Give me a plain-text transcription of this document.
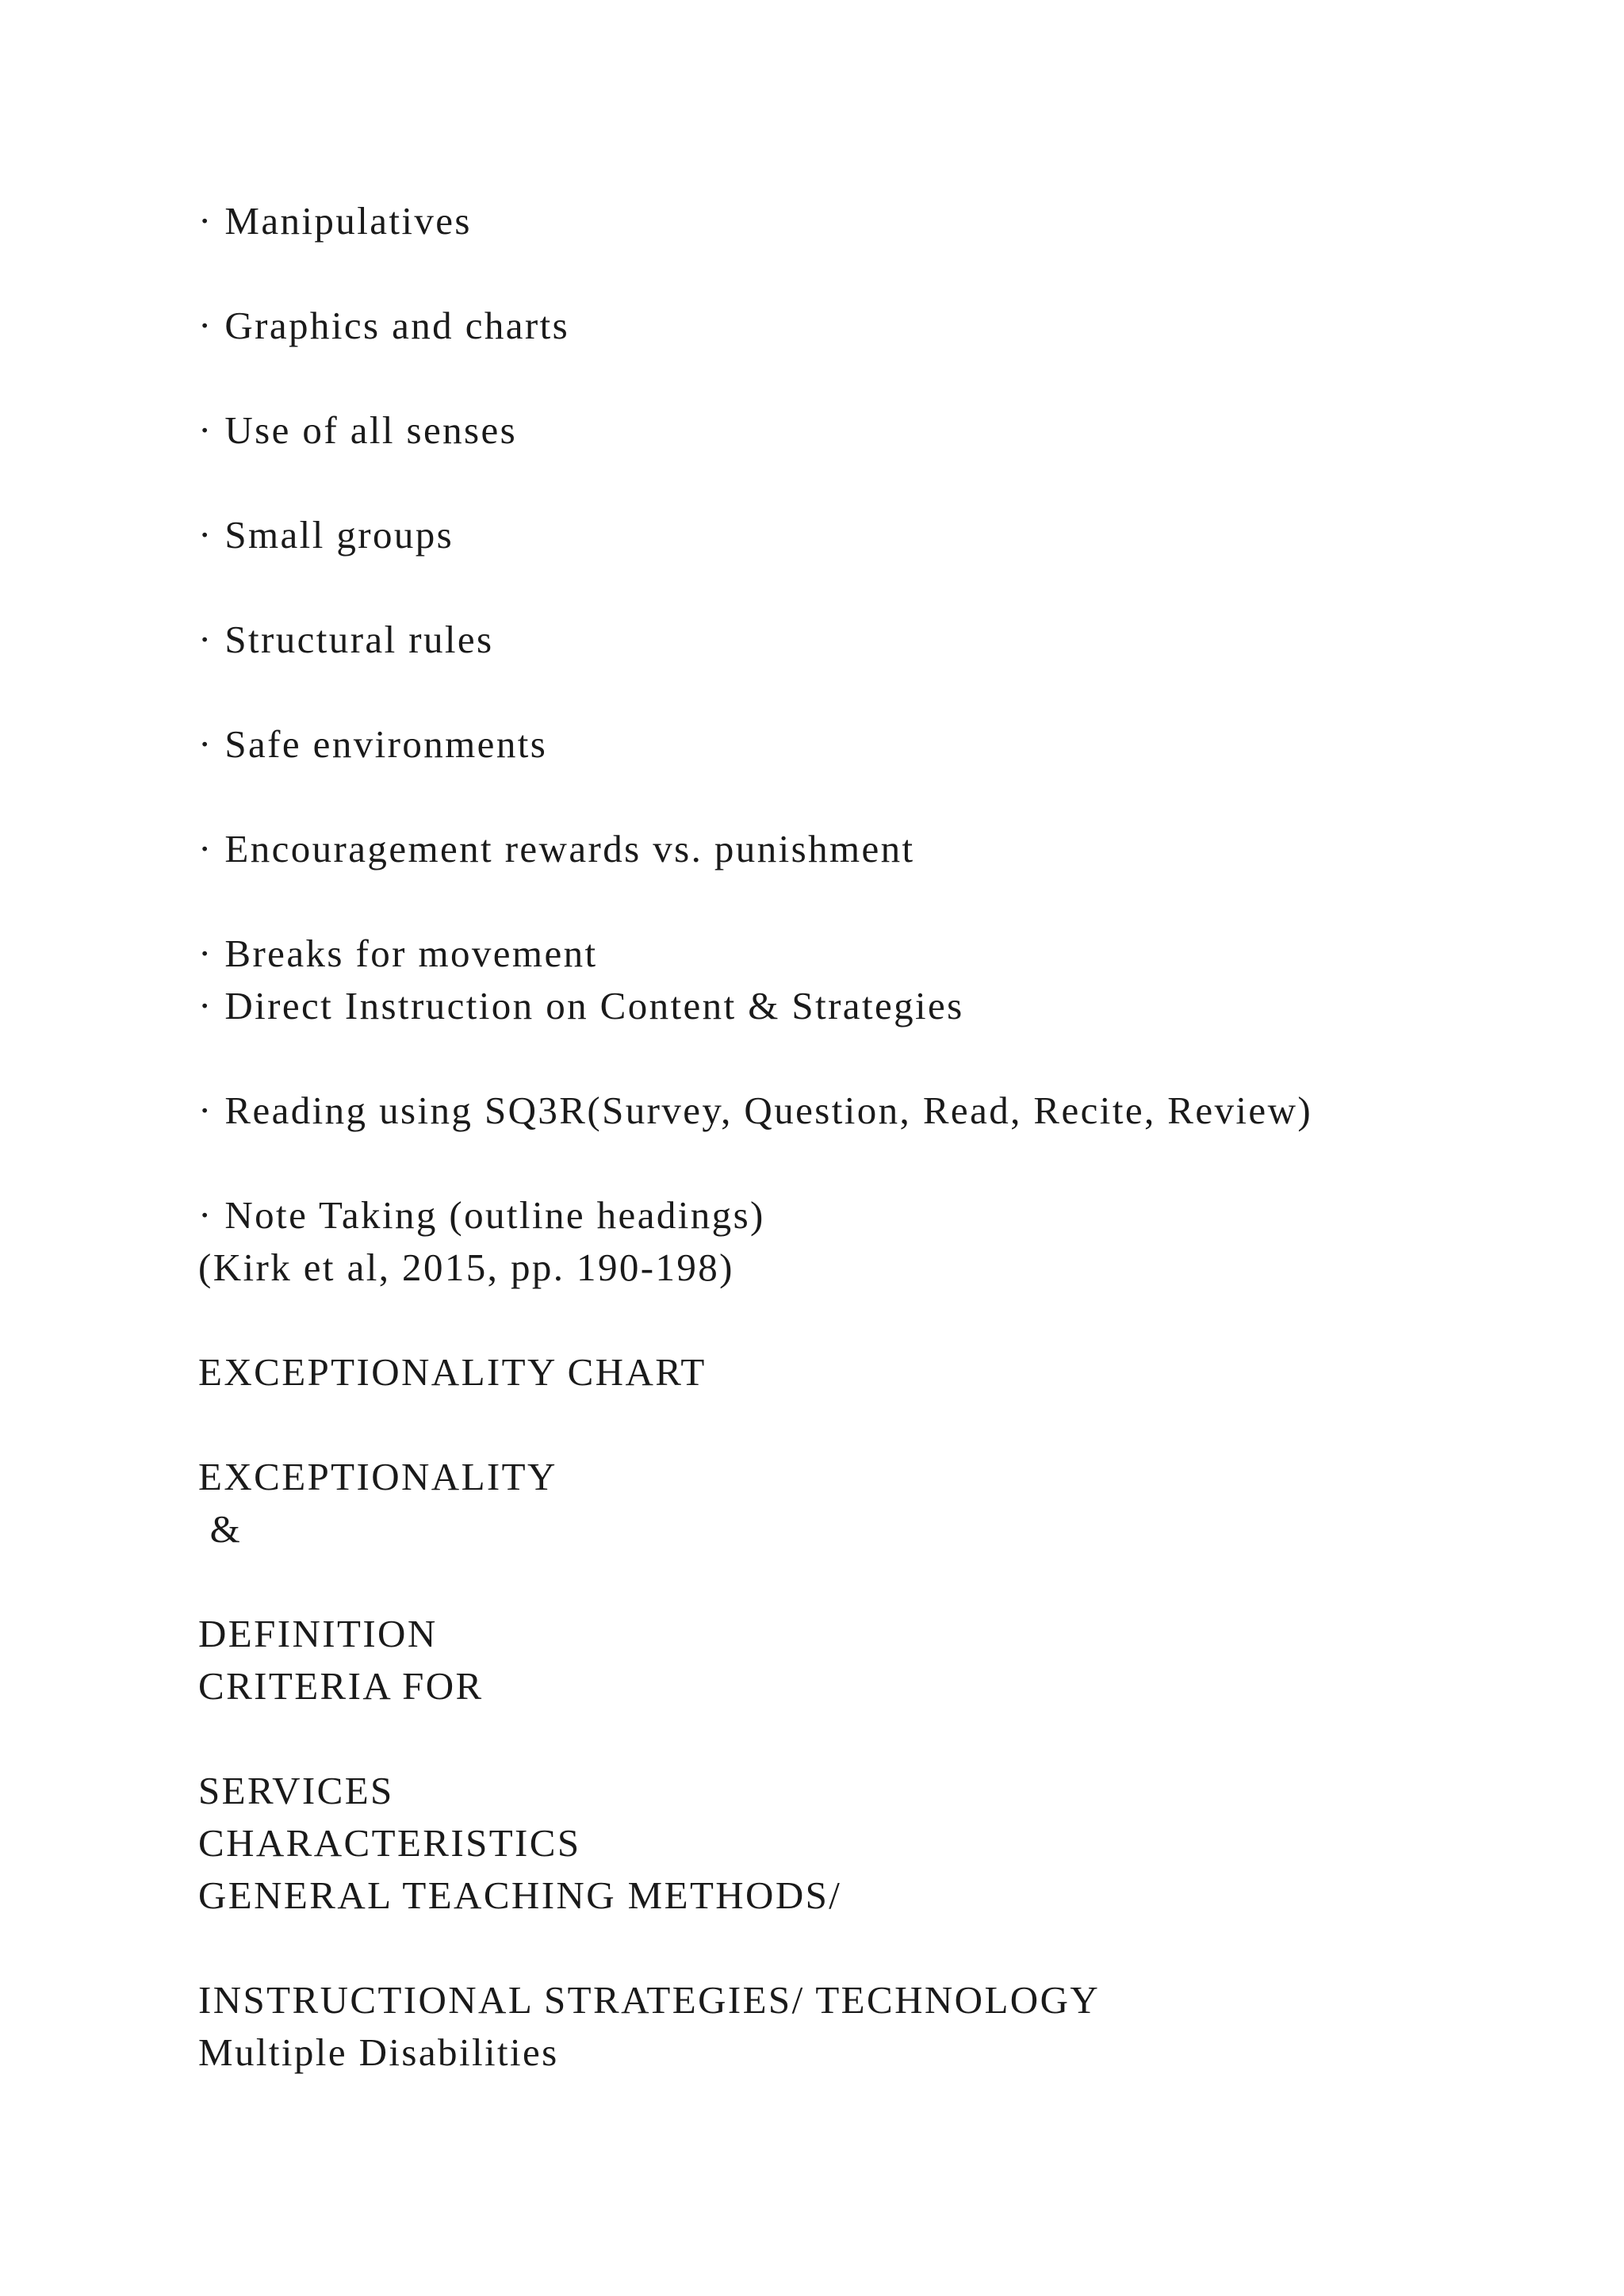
· Manipulatives
· Graphics and charts
· Use of all senses
· Small groups
· Structural rules
· Safe environments
· Encouragement rewards vs. punishment
· Breaks for movement
· Direct Instruction on Content & Strategies
· Reading using SQ3R(Survey, Question, Read, Recite, Review)
· Note Taking (outline headings)
(Kirk et al, 2015, pp. 190-198)
EXCEPTIONALITY CHART
EXCEPTIONALITY
&
DEFINITION
CRITERIA FOR
SERVICES
CHARACTERISTICS
GENERAL TEACHING METHODS/
INSTRUCTIONAL STRATEGIES/ TECHNOLOGY
Multiple Disabilities
